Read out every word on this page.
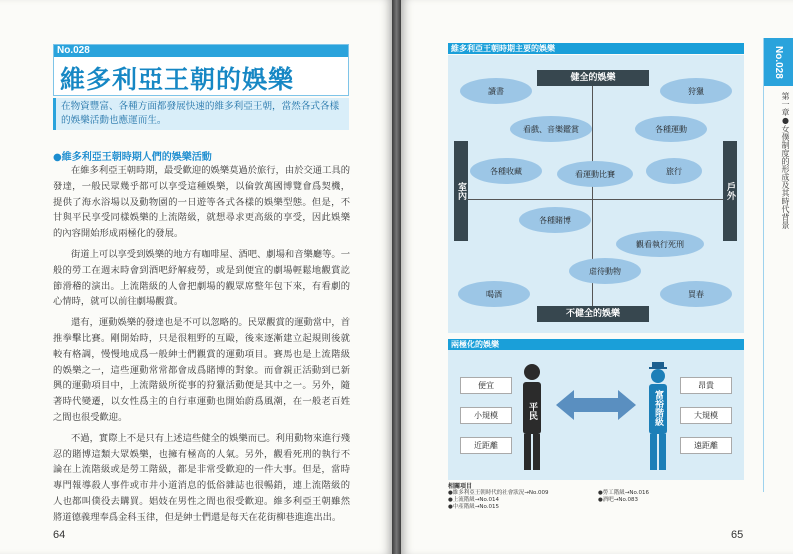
No.028
維多利亞王朝的娛樂
在物資豐富、各種方面都發展快速的維多利亞王朝，當然各式各樣的娛樂活動也應運而生。
●維多利亞王朝時期人們的娛樂活動

在維多利亞王朝時期，最受歡迎的娛樂莫過於旅行，由於交通工具的發達，一般民眾幾乎都可以享受這種娛樂，以倫敦萬國博覽會爲契機，提供了海水浴場以及動物園的一日遊等各式各樣的娛樂型態。但是，不甘與平民享受同樣娛樂的上流階級，就想尋求更高級的享受，因此娛樂的內容開始形成兩極化的發展。

街道上可以享受到娛樂的地方有咖啡屋、酒吧、劇場和音樂廳等。一般的勞工在週末時會到酒吧紓解疲勞，或是到便宜的劇場輕鬆地觀賞訖節滑稽的演出。上流階級的人會把劇場的觀眾席整年包下來，有看劇的心情時，就可以前往劇場觀賞。

還有，運動娛樂的發達也是不可以忽略的。民眾觀賞的運動當中，首推拳擊比賽。剛開始時，只是很粗野的互毆，後來逐漸建立起規則後就較有格調，慢慢地成爲一般紳士們觀賞的運動項目。賽馬也是上流階級的娛樂之一，這些運動常常都會成爲賭博的對象。而會親正活動到已新興的運動項目中，上流階級所從事的狩獵活動便是其中之一。另外，隨著時代變遷，以女性爲主的自行車運動也開始蔚爲風潮，在一般老百姓之間也很受歡迎。

不過，實際上不是只有上述這些健全的娛樂而已。利用動物來進行殘忍的賭博這類大眾娛樂，也擁有極高的人氣。另外，觀看死刑的執行不論在上流階級或是勞工階級，都是非常受歡迎的一件大事。但是，當時專門報導殺人事件或市井小道消息的低俗雜誌也很暢銷，連上流階級的人也都叫僕役去購買。娼妓在男性之間也很受歡迎。維多利亞王朝雖然將道德義理奉爲金科玉律，但是紳士們還是每天在花街柳巷進進出出。

64
No.028
第一章●女僕制度的形成及其時代背景
維多利亞王朝時期主要的娛樂
健全的娛樂
不健全的娛樂
室內	戶外
讀書	狩獵
看戲、音樂鑑賞	各種運動
各種收藏	看運動比賽	旅行
各種賭博
觀看執行死刑
虐待動物
喝酒	買春
兩極化的娛樂
便宜
小規模
近距離
平民	富裕階級
昂貴
大規模
遠距離
相關項目
●維多利亞王朝時代的社會狀況→No.009	●勞工階級→No.016
●上流階級→No.014	●酒吧→No.083
●中產階級→No.015
65
